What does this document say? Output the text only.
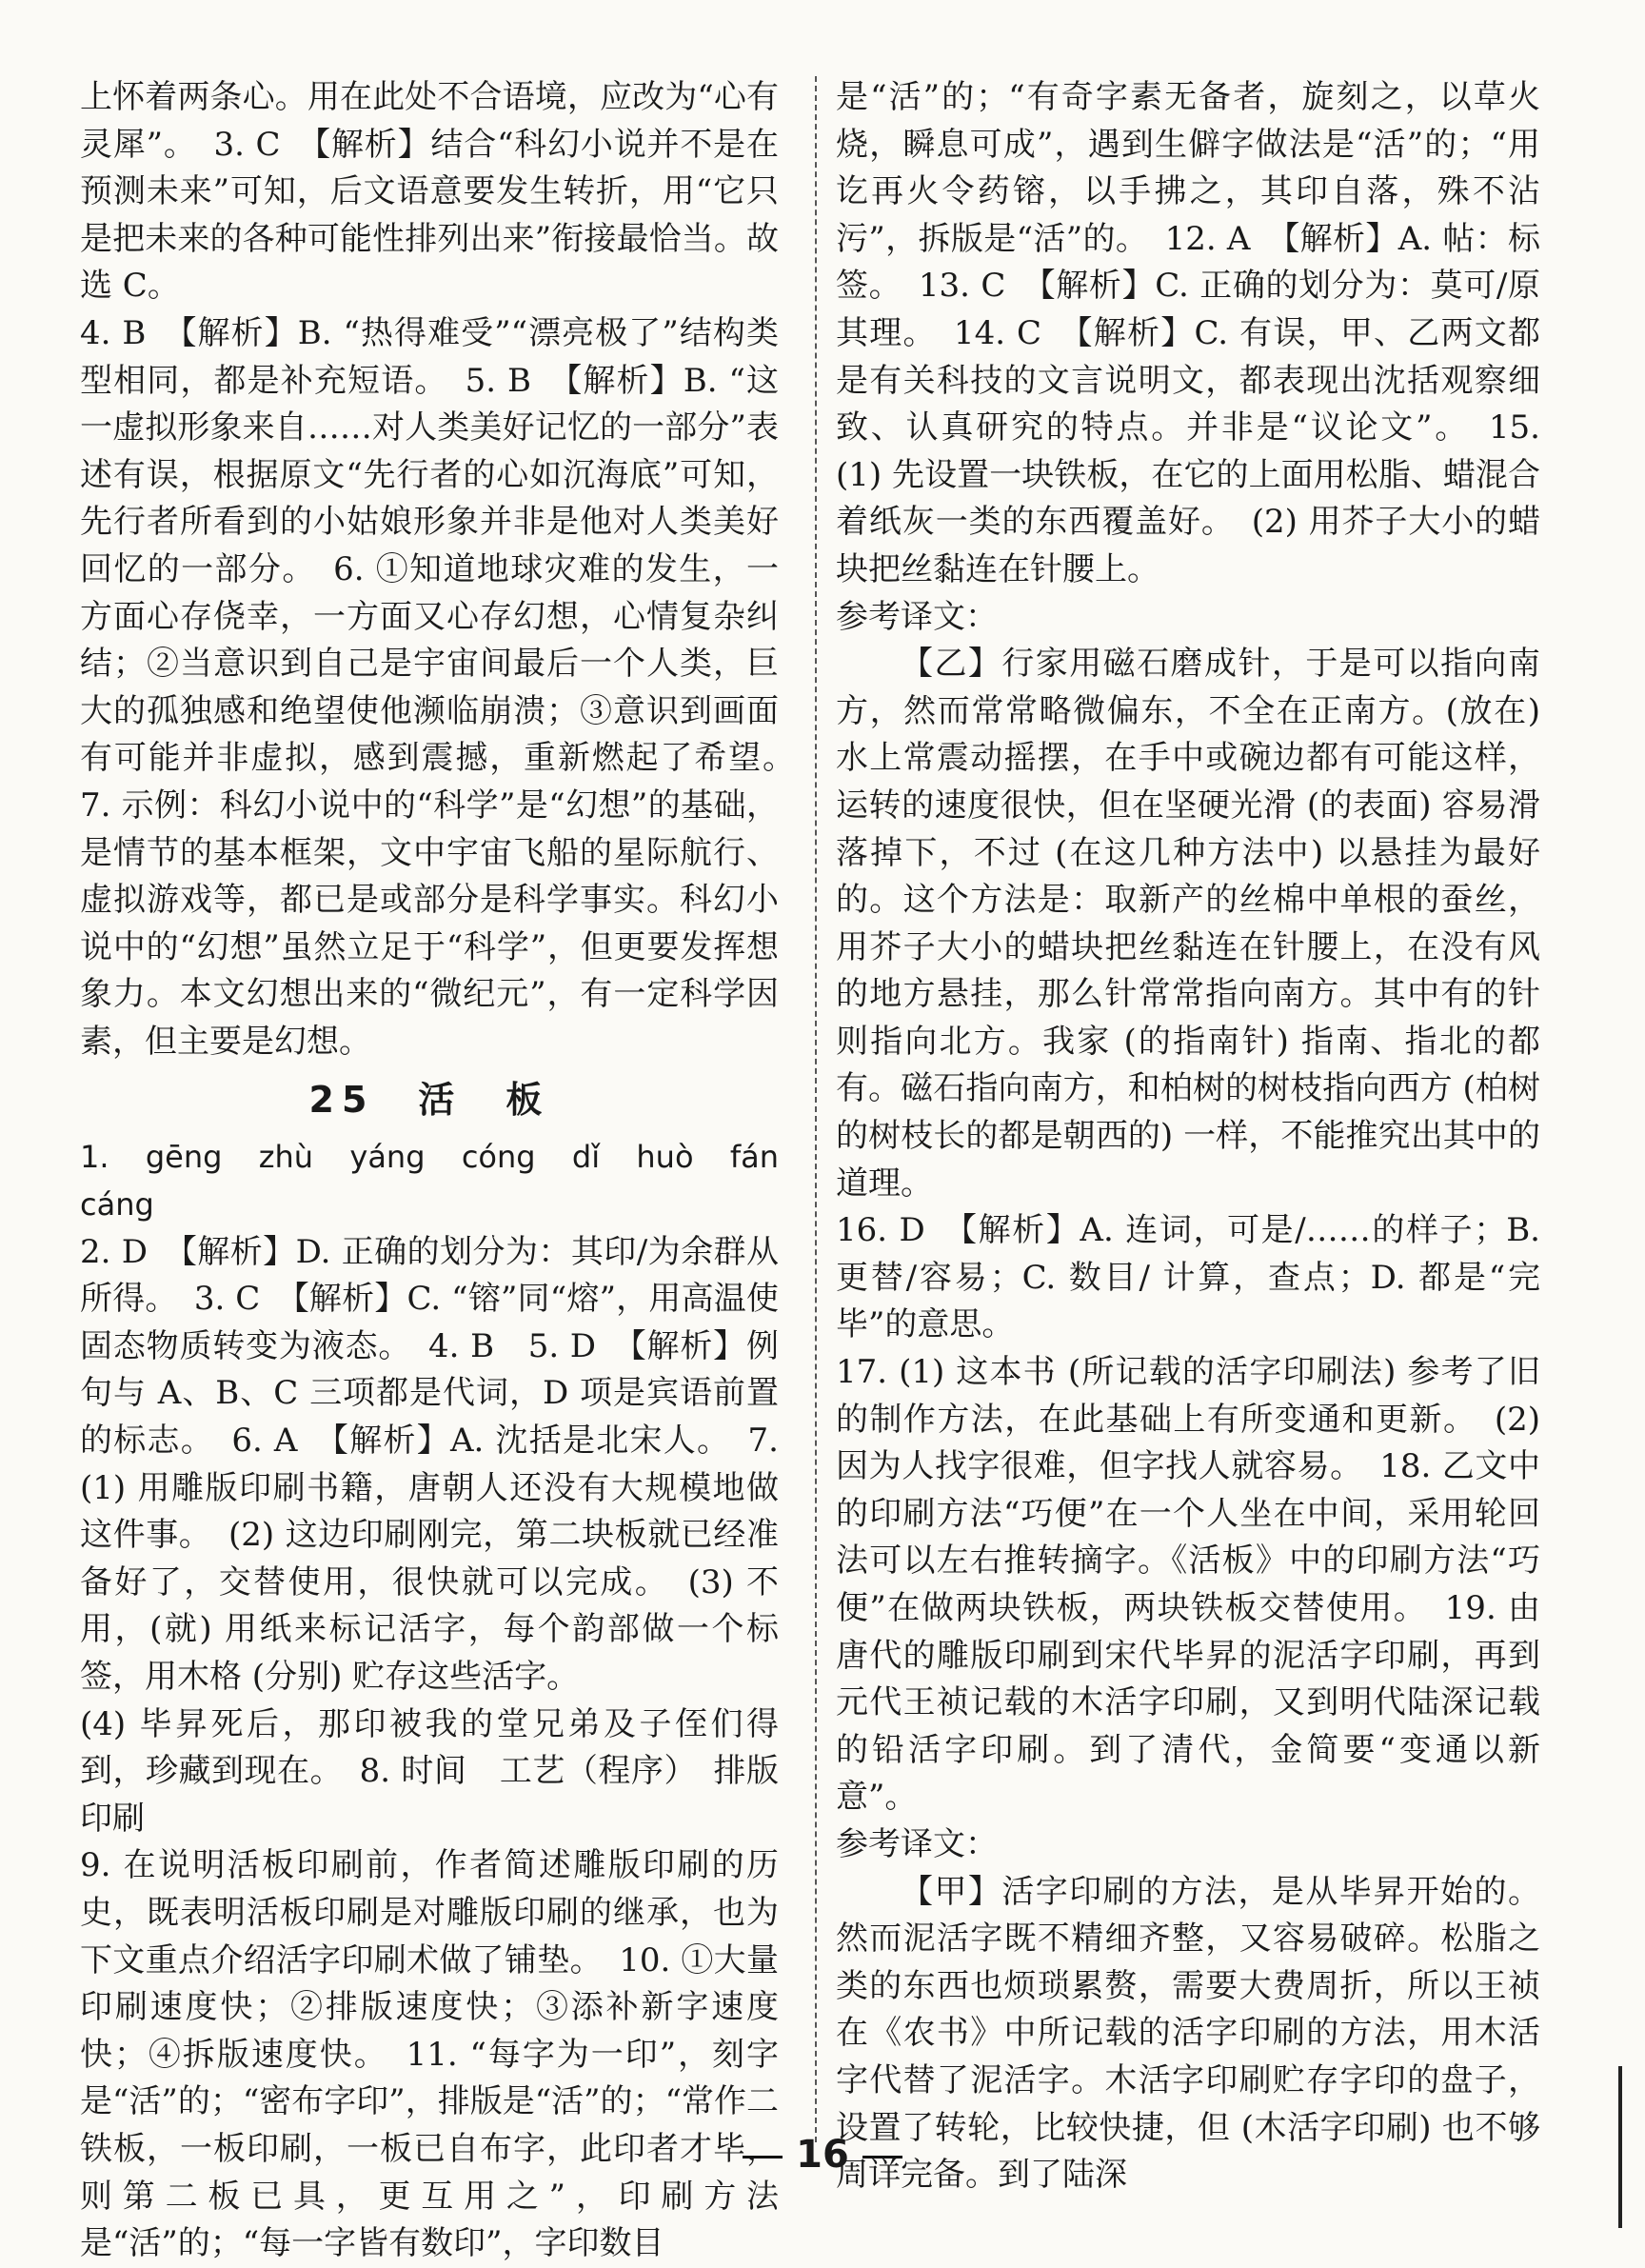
上怀着两条心。用在此处不合语境，应改为“心有灵犀”。　3. C　【解析】结合“科幻小说并不是在预测未来”可知，后文语意要发生转折，用“它只是把未来的各种可能性排列出来”衔接最恰当。故选 C。

4. B　【解析】B. “热得难受”“漂亮极了”结构类型相同，都是补充短语。　5. B　【解析】B. “这一虚拟形象来自……对人类美好记忆的一部分”表述有误，根据原文“先行者的心如沉海底”可知，先行者所看到的小姑娘形象并非是他对人类美好回忆的一部分。　6. ①知道地球灾难的发生，一方面心存侥幸，一方面又心存幻想，心情复杂纠结；②当意识到自己是宇宙间最后一个人类，巨大的孤独感和绝望使他濒临崩溃；③意识到画面有可能并非虚拟，感到震撼，重新燃起了希望。　7. 示例：科幻小说中的“科学”是“幻想”的基础，是情节的基本框架，文中宇宙飞船的星际航行、虚拟游戏等，都已是或部分是科学事实。科幻小说中的“幻想”虽然立足于“科学”，但更要发挥想象力。本文幻想出来的“微纪元”，有一定科学因素，但主要是幻想。

25　活　板

1. gēng zhù yáng cóng dǐ huò fán cáng

2. D　【解析】D. 正确的划分为：其印/为余群从所得。　3. C　【解析】C. “镕”同“熔”，用高温使固态物质转变为液态。　4. B　5. D　【解析】例句与 A、B、C 三项都是代词，D 项是宾语前置的标志。　6. A　【解析】A. 沈括是北宋人。　7. (1) 用雕版印刷书籍，唐朝人还没有大规模地做这件事。　(2) 这边印刷刚完，第二块板就已经准备好了，交替使用，很快就可以完成。　(3) 不用，(就) 用纸来标记活字，每个韵部做一个标签，用木格 (分别) 贮存这些活字。

(4) 毕昇死后，那印被我的堂兄弟及子侄们得到，珍藏到现在。　8. 时间　工艺（程序）　排版　印刷

9. 在说明活板印刷前，作者简述雕版印刷的历史，既表明活板印刷是对雕版印刷的继承，也为下文重点介绍活字印刷术做了铺垫。　10. ①大量印刷速度快；②排版速度快；③添补新字速度快；④拆版速度快。　11. “每字为一印”，刻字是“活”的；“密布字印”，排版是“活”的；“常作二铁板，一板印刷，一板已自布字，此印者才毕，则第二板已具，更互用之”，印刷方法是“活”的；“每一字皆有数印”，字印数目

是“活”的；“有奇字素无备者，旋刻之，以草火烧，瞬息可成”，遇到生僻字做法是“活”的；“用讫再火令药镕，以手拂之，其印自落，殊不沾污”，拆版是“活”的。　12. A　【解析】A. 帖：标签。　13. C　【解析】C. 正确的划分为：莫可/原其理。　14. C　【解析】C. 有误，甲、乙两文都是有关科技的文言说明文，都表现出沈括观察细致、认真研究的特点。并非是“议论文”。　15. (1) 先设置一块铁板，在它的上面用松脂、蜡混合着纸灰一类的东西覆盖好。　(2) 用芥子大小的蜡块把丝黏连在针腰上。

参考译文：

【乙】行家用磁石磨成针，于是可以指向南方，然而常常略微偏东，不全在正南方。(放在) 水上常震动摇摆，在手中或碗边都有可能这样，运转的速度很快，但在坚硬光滑 (的表面) 容易滑落掉下，不过 (在这几种方法中) 以悬挂为最好的。这个方法是：取新产的丝棉中单根的蚕丝，用芥子大小的蜡块把丝黏连在针腰上，在没有风的地方悬挂，那么针常常指向南方。其中有的针则指向北方。我家 (的指南针) 指南、指北的都有。磁石指向南方，和柏树的树枝指向西方 (柏树的树枝长的都是朝西的) 一样，不能推究出其中的道理。

16. D　【解析】A. 连词，可是/……的样子；B. 更替/容易；C. 数目/ 计算，查点；D. 都是“完毕”的意思。

17. (1) 这本书 (所记载的活字印刷法) 参考了旧的制作方法，在此基础上有所变通和更新。　(2) 因为人找字很难，但字找人就容易。　18. 乙文中的印刷方法“巧便”在一个人坐在中间，采用轮回法可以左右推转摘字。《活板》中的印刷方法“巧便”在做两块铁板，两块铁板交替使用。　19. 由唐代的雕版印刷到宋代毕昇的泥活字印刷，再到元代王祯记载的木活字印刷，又到明代陆深记载的铅活字印刷。到了清代，金简要“变通以新意”。

参考译文：

【甲】活字印刷的方法，是从毕昇开始的。然而泥活字既不精细齐整，又容易破碎。松脂之类的东西也烦琐累赘，需要大费周折，所以王祯在《农书》中所记载的活字印刷的方法，用木活字代替了泥活字。木活字印刷贮存字印的盘子，设置了转轮，比较快捷，但 (木活字印刷) 也不够周详完备。到了陆深

16
